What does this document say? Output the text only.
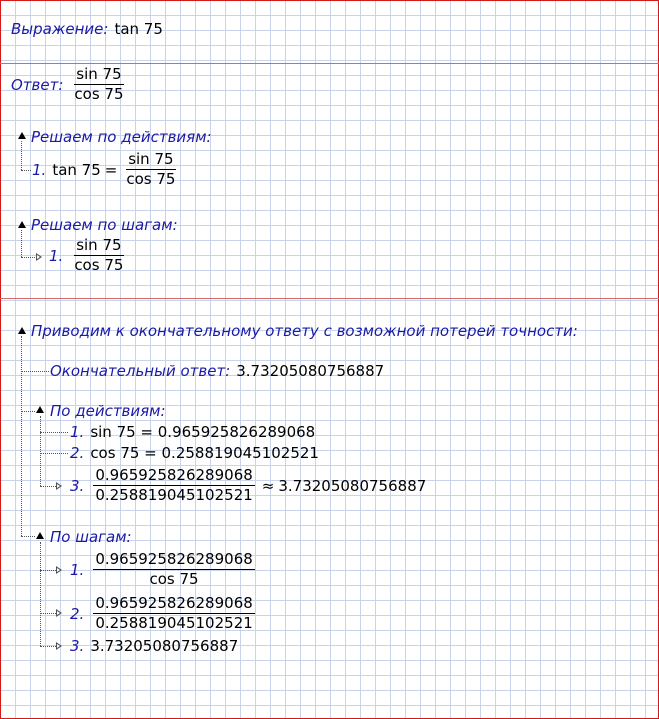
Выражение: tan 75
Ответ: $\frac{\sin 75}{\cos 75}$
Решаем по действиям:
1. $\tan 75 = \frac{\sin 75}{\cos 75}$
Решаем по шагам:
1. $\frac{\sin 75}{\cos 75}$
Приводим к окончательному ответу с возможной потерей точности:
Окончательный ответ: 3.73205080756887
По действиям:
1. sin 75 = 0.965925826289068
2. cos 75 = 0.258819045102521
3. $\frac{0.965925826289068}{0.258819045102521} \approx 3.73205080756887$
По шагам:
1. $\frac{0.965925826289068}{\cos 75}$
2. $\frac{0.965925826289068}{0.258819045102521}$
3. 3.73205080756887
